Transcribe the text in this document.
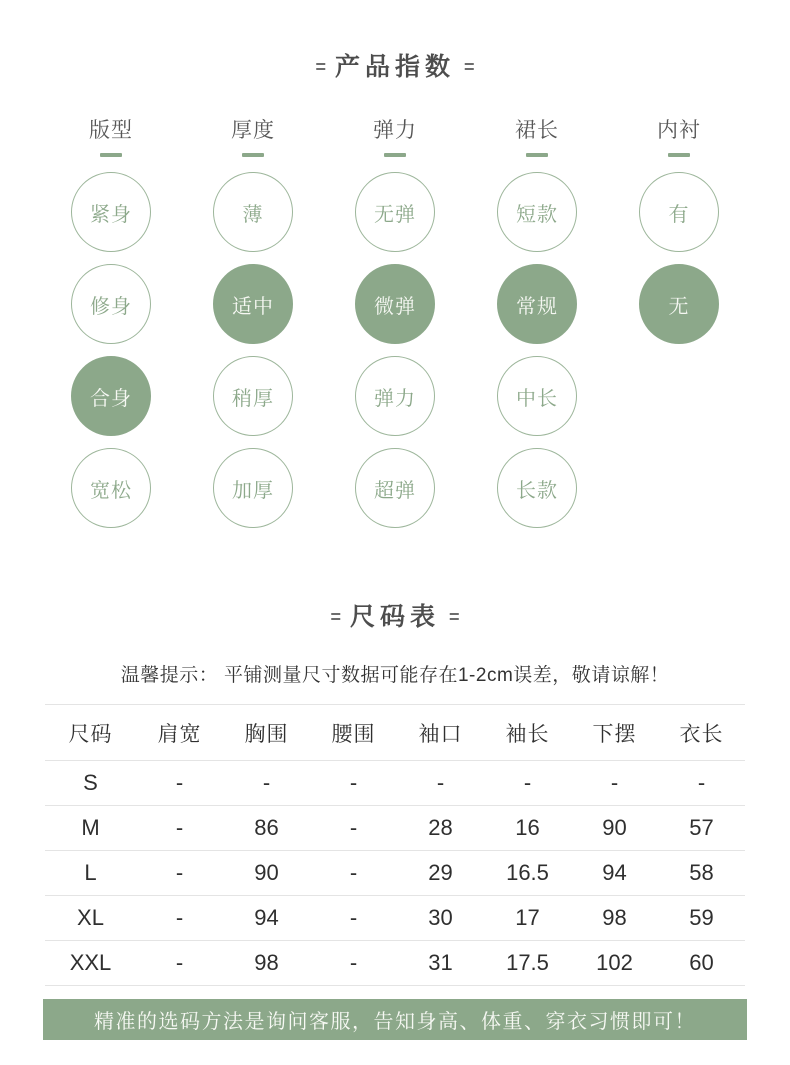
= 产品指数 =
版型
紧身
修身
合身
宽松
厚度
薄
适中
稍厚
加厚
弹力
无弹
微弹
弹力
超弹
裙长
短款
常规
中长
长款
内衬
有
无
= 尺码表 =

温馨提示： 平铺测量尺寸数据可能存在1-2cm误差，敬请谅解！

尺码	肩宽	胸围	腰围	袖口	袖长	下摆	衣长
S	-	-	-	-	-	-	-
M	-	86	-	28	16	90	57
L	-	90	-	29	16.5	94	58
XL	-	94	-	30	17	98	59
XXL	-	98	-	31	17.5	102	60
精准的选码方法是询问客服，告知身高、体重、穿衣习惯即可！
